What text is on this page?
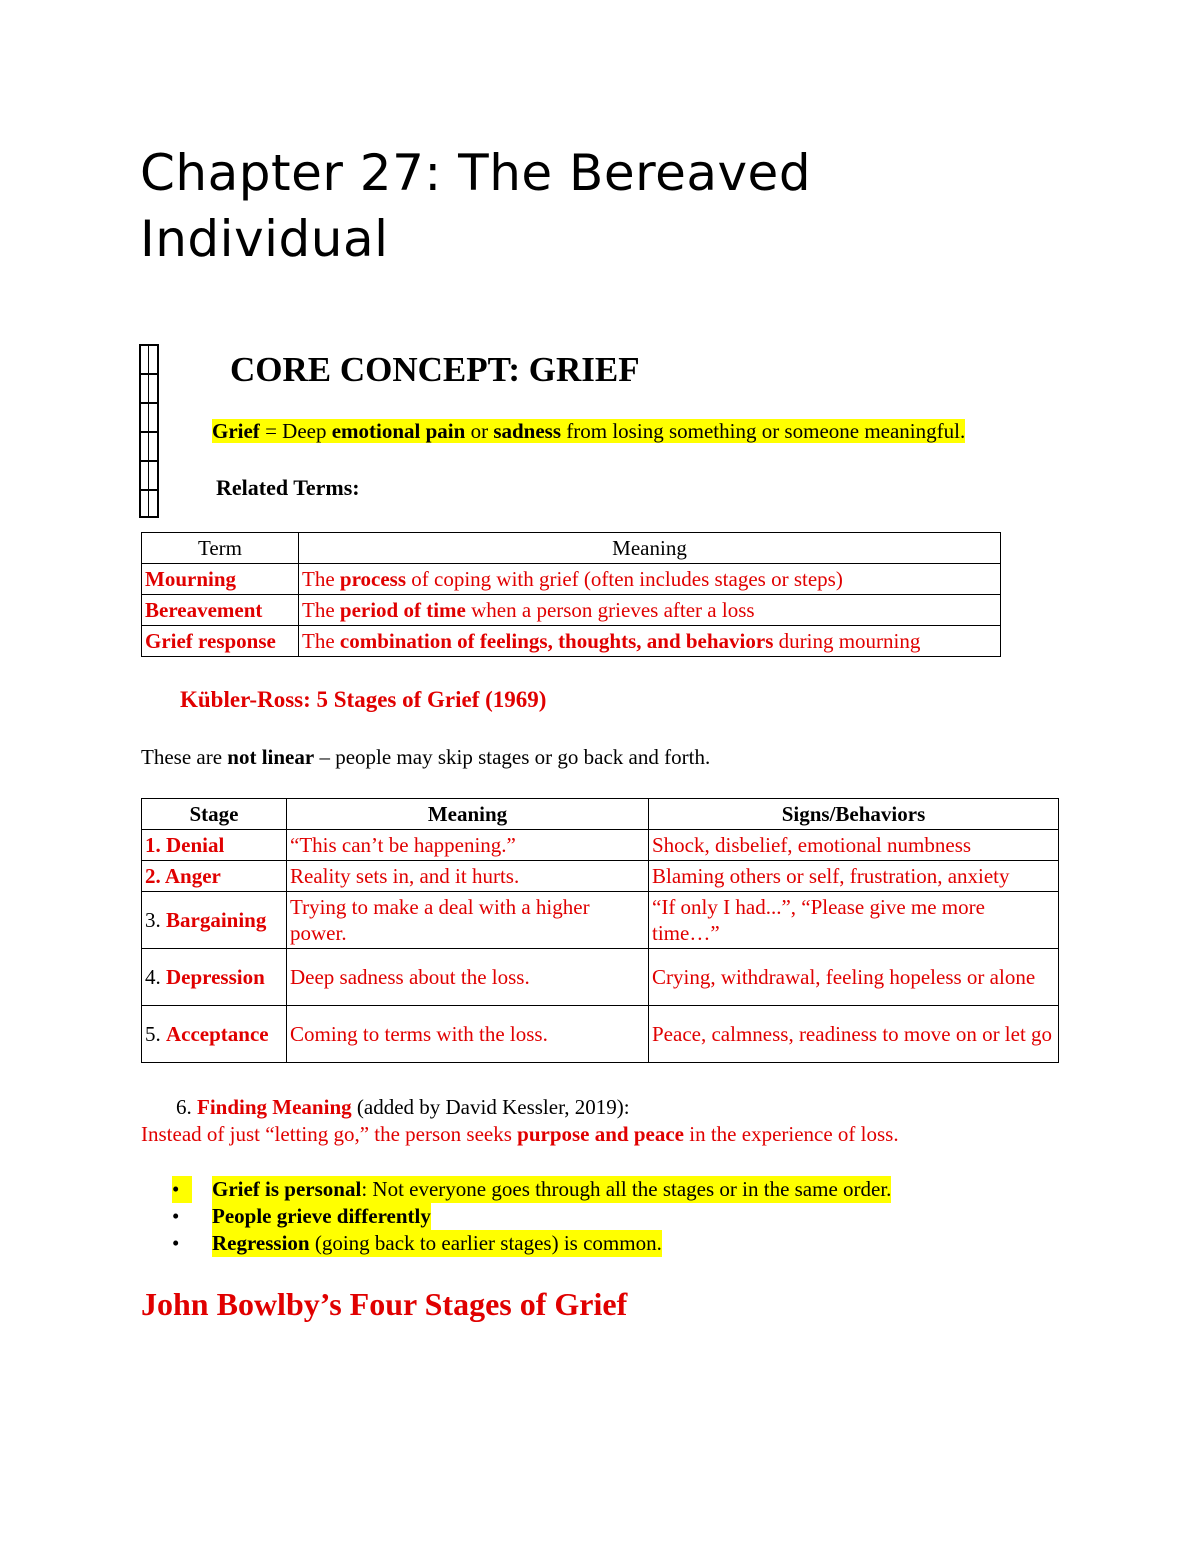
Chapter 27: The Bereaved
Individual
CORE CONCEPT: GRIEF
Grief = Deep emotional pain or sadness from losing something or someone meaningful.
Related Terms:
Term	Meaning
Mourning	The process of coping with grief (often includes stages or steps)
Bereavement	The period of time when a person grieves after a loss
Grief response	The combination of feelings, thoughts, and behaviors during mourning
Kübler-Ross: 5 Stages of Grief (1969)
These are not linear – people may skip stages or go back and forth.
Stage	Meaning	Signs/Behaviors
1. Denial	“This can’t be happening.”	Shock, disbelief, emotional numbness
2. Anger	Reality sets in, and it hurts.	Blaming others or self, frustration, anxiety
3. Bargaining	Trying to make a deal with a higher power.	“If only I had...”, “Please give me more time…”
4. Depression	Deep sadness about the loss.	Crying, withdrawal, feeling hopeless or alone
5. Acceptance	Coming to terms with the loss.	Peace, calmness, readiness to move on or let go
6. Finding Meaning (added by David Kessler, 2019):
Instead of just “letting go,” the person seeks purpose and peace in the experience of loss.
•	Grief is personal: Not everyone goes through all the stages or in the same order.
•	People grieve differently
•	Regression (going back to earlier stages) is common.
John Bowlby’s Four Stages of Grief
